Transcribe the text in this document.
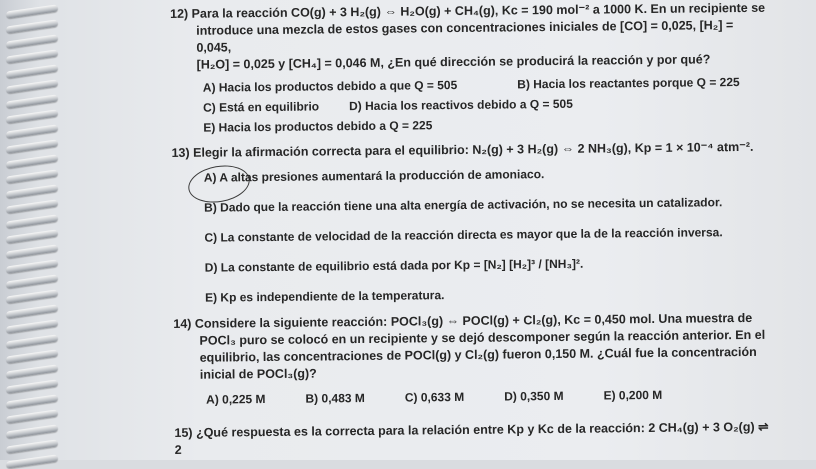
12) Para la reacción CO(g) + 3 H₂(g) ⇔ H₂O(g) + CH₄(g), Kc = 190 mol⁻² a 1000 K. En un recipiente se
introduce una mezcla de estos gases con concentraciones iniciales de [CO] = 0,025, [H₂] = 0,045,
[H₂O] = 0,025 y [CH₄] = 0,046 M, ¿En qué dirección se producirá la reacción y por qué?
A) Hacia los productos debido a que Q = 505	B) Hacia los reactantes porque Q = 225
C) Está en equilibrio D) Hacia los reactivos debido a Q = 505
E) Hacia los productos debido a Q = 225
13) Elegir la afirmación correcta para el equilibrio: N₂(g) + 3 H₂(g) ⇔ 2 NH₃(g), Kp = 1 × 10⁻⁴ atm⁻².
A) A altas presiones aumentará la producción de amoniaco.
B) Dado que la reacción tiene una alta energía de activación, no se necesita un catalizador.
C) La constante de velocidad de la reacción directa es mayor que la de la reacción inversa.
D) La constante de equilibrio está dada por Kp = [N₂] [H₂]³ / [NH₃]².
E) Kp es independiente de la temperatura.
14) Considere la siguiente reacción: POCl₃(g) ⇔ POCl(g) + Cl₂(g), Kc = 0,450 mol. Una muestra de
POCl₃ puro se colocó en un recipiente y se dejó descomponer según la reacción anterior. En el
equilibrio, las concentraciones de POCl(g) y Cl₂(g) fueron 0,150 M. ¿Cuál fue la concentración
inicial de POCl₃(g)?
A) 0,225 M	B) 0,483 M	C) 0,633 M	D) 0,350 M	E) 0,200 M
15) ¿Qué respuesta es la correcta para la relación entre Kp y Kc de la reacción: 2 CH₄(g) + 3 O₂(g) ⇌ 2
